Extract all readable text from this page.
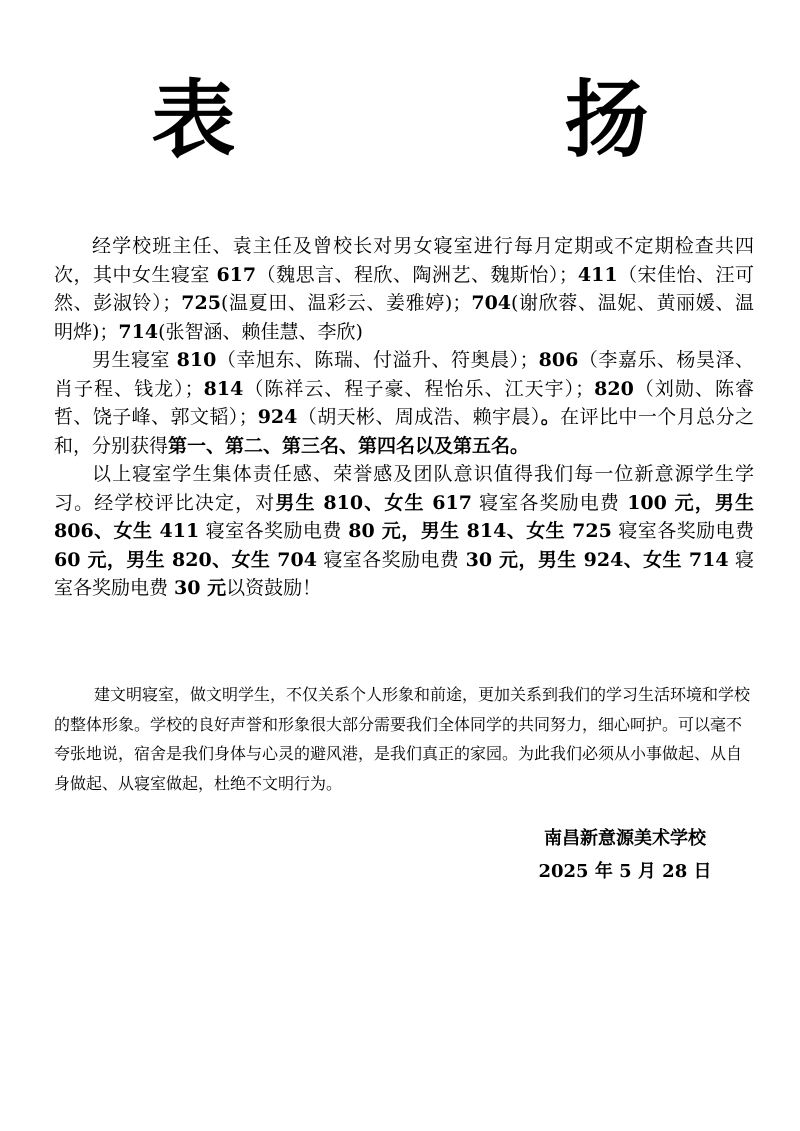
表 扬

经学校班主任、袁主任及曾校长对男女寝室进行每月定期或不定期检查共四次，其中女生寝室 617（魏思言、程欣、陶洲艺、魏斯怡）；411（宋佳怡、汪可然、彭淑铃）；725(温夏田、温彩云、姜雅婷)；704(谢欣蓉、温妮、黄丽媛、温明烨)；714(张智涵、赖佳慧、李欣)

男生寝室 810（幸旭东、陈瑞、付溢升、符奥晨）；806（李嘉乐、杨昊泽、肖子程、钱龙）；814（陈祥云、程子豪、程怡乐、江天宇）；820（刘勋、陈睿哲、饶子峰、郭文韬）；924（胡天彬、周成浩、赖宇晨）。在评比中一个月总分之和，分别获得第一、第二、第三名、第四名以及第五名。

以上寝室学生集体责任感、荣誉感及团队意识值得我们每一位新意源学生学习。经学校评比决定，对男生 810、女生 617 寝室各奖励电费 100 元，男生 806、女生 411 寝室各奖励电费 80 元，男生 814、女生 725 寝室各奖励电费 60 元，男生 820、女生 704 寝室各奖励电费 30 元，男生 924、女生 714 寝室各奖励电费 30 元以资鼓励！

建文明寝室，做文明学生，不仅关系个人形象和前途，更加关系到我们的学习生活环境和学校的整体形象。学校的良好声誉和形象很大部分需要我们全体同学的共同努力，细心呵护。可以毫不夸张地说，宿舍是我们身体与心灵的避风港，是我们真正的家园。为此我们必须从小事做起、从自身做起、从寝室做起，杜绝不文明行为。

南昌新意源美术学校
2025 年 5 月 28 日
